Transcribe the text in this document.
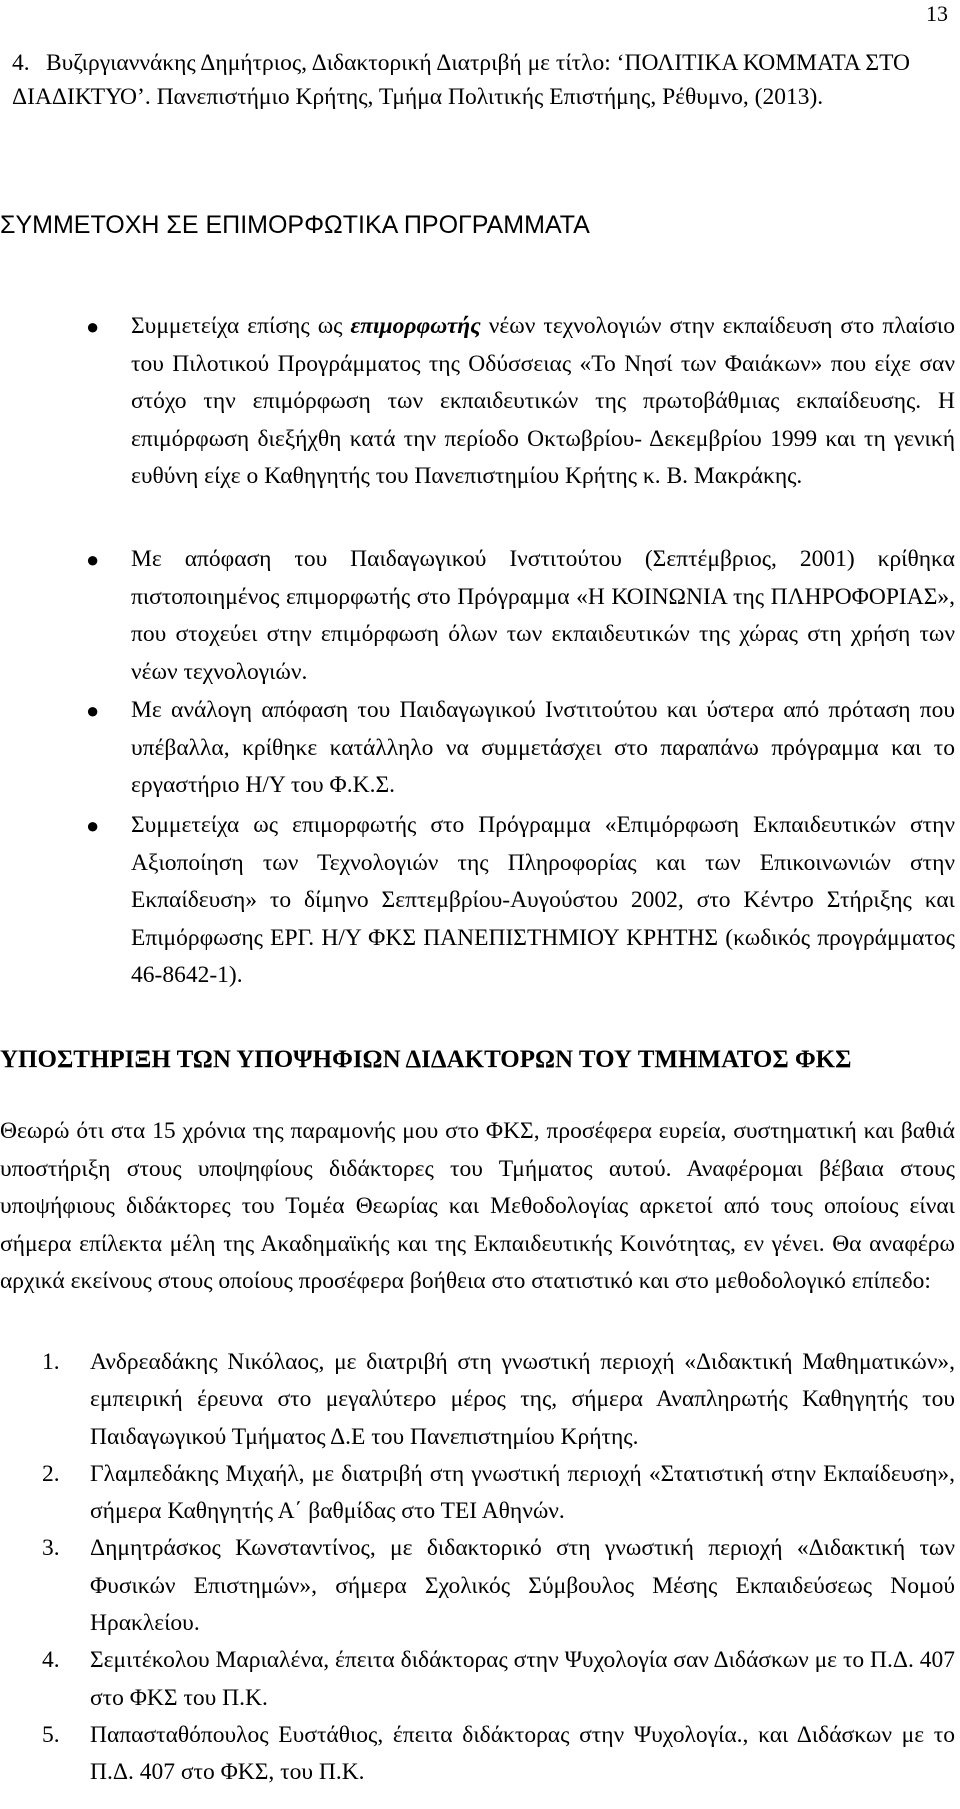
13
4. Βυζιργιαννάκης Δημήτριος, Διδακτορική Διατριβή με τίτλο: ‘ΠΟΛΙΤΙΚΑ ΚΟΜΜΑΤΑ ΣΤΟ ΔΙΑΔΙΚΤΥΟ’. Πανεπιστήμιο Κρήτης, Τμήμα Πολιτικής Επιστήμης, Ρέθυμνο, (2013).
ΣΥΜΜΕΤΟΧΗ ΣΕ ΕΠΙΜΟΡΦΩΤΙΚΑ ΠΡΟΓΡΑΜΜΑΤΑ
● Συμμετείχα επίσης ως επιμορφωτής νέων τεχνολογιών στην εκπαίδευση στο πλαίσιο του Πιλοτικού Προγράμματος της Οδύσσειας «Το Νησί των Φαιάκων» που είχε σαν στόχο την επιμόρφωση των εκπαιδευτικών της πρωτοβάθμιας εκπαίδευσης. Η επιμόρφωση διεξήχθη κατά την περίοδο Οκτωβρίου- Δεκεμβρίου 1999 και τη γενική ευθύνη είχε ο Καθηγητής του Πανεπιστημίου Κρήτης κ. Β. Μακράκης.
● Με απόφαση του Παιδαγωγικού Ινστιτούτου (Σεπτέμβριος, 2001) κρίθηκα πιστοποιημένος επιμορφωτής στο Πρόγραμμα «Η ΚΟΙΝΩΝΙΑ της ΠΛΗΡΟΦΟΡΙΑΣ», που στοχεύει στην επιμόρφωση όλων των εκπαιδευτικών της χώρας στη χρήση των νέων τεχνολογιών.
● Με ανάλογη απόφαση του Παιδαγωγικού Ινστιτούτου και ύστερα από πρόταση που υπέβαλλα, κρίθηκε κατάλληλο να συμμετάσχει στο παραπάνω πρόγραμμα και το εργαστήριο Η/Υ του Φ.Κ.Σ.
● Συμμετείχα ως επιμορφωτής στο Πρόγραμμα «Επιμόρφωση Εκπαιδευτικών στην Αξιοποίηση των Τεχνολογιών της Πληροφορίας και των Επικοινωνιών στην Εκπαίδευση» το δίμηνο Σεπτεμβρίου-Αυγούστου 2002, στο Κέντρο Στήριξης και Επιμόρφωσης ΕΡΓ. Η/Υ ΦΚΣ ΠΑΝΕΠΙΣΤΗΜΙΟΥ ΚΡΗΤΗΣ (κωδικός προγράμματος 46-8642-1).
ΥΠΟΣΤΗΡΙΞΗ ΤΩΝ ΥΠΟΨΗΦΙΩΝ ΔΙΔΑΚΤΟΡΩΝ ΤΟΥ ΤΜΗΜΑΤΟΣ ΦΚΣ

Θεωρώ ότι στα 15 χρόνια της παραμονής μου στο ΦΚΣ, προσέφερα ευρεία, συστηματική και βαθιά υποστήριξη στους υποψηφίους διδάκτορες του Τμήματος αυτού. Αναφέρομαι βέβαια στους υποψήφιους διδάκτορες του Τομέα Θεωρίας και Μεθοδολογίας αρκετοί από τους οποίους είναι σήμερα επίλεκτα μέλη της Ακαδημαϊκής και της Εκπαιδευτικής Κοινότητας, εν γένει. Θα αναφέρω αρχικά εκείνους στους οποίους προσέφερα βοήθεια στο στατιστικό και στο μεθοδολογικό επίπεδο:

1. Ανδρεαδάκης Νικόλαος, με διατριβή στη γνωστική περιοχή «Διδακτική Μαθηματικών», εμπειρική έρευνα στο μεγαλύτερο μέρος της, σήμερα Αναπληρωτής Καθηγητής του Παιδαγωγικού Τμήματος Δ.Ε του Πανεπιστημίου Κρήτης.
2. Γλαμπεδάκης Μιχαήλ, με διατριβή στη γνωστική περιοχή «Στατιστική στην Εκπαίδευση», σήμερα Καθηγητής Α΄ βαθμίδας στο ΤΕΙ Αθηνών.
3. Δημητράσκος Κωνσταντίνος, με διδακτορικό στη γνωστική περιοχή «Διδακτική των Φυσικών Επιστημών», σήμερα Σχολικός Σύμβουλος Μέσης Εκπαιδεύσεως Νομού Ηρακλείου.
4. Σεμιτέκολου Μαριαλένα, έπειτα διδάκτορας στην Ψυχολογία σαν Διδάσκων με το Π.Δ. 407 στο ΦΚΣ του Π.Κ.
5. Παπασταθόπουλος Ευστάθιος, έπειτα διδάκτορας στην Ψυχολογία., και Διδάσκων με το Π.Δ. 407 στο ΦΚΣ, του Π.Κ.
